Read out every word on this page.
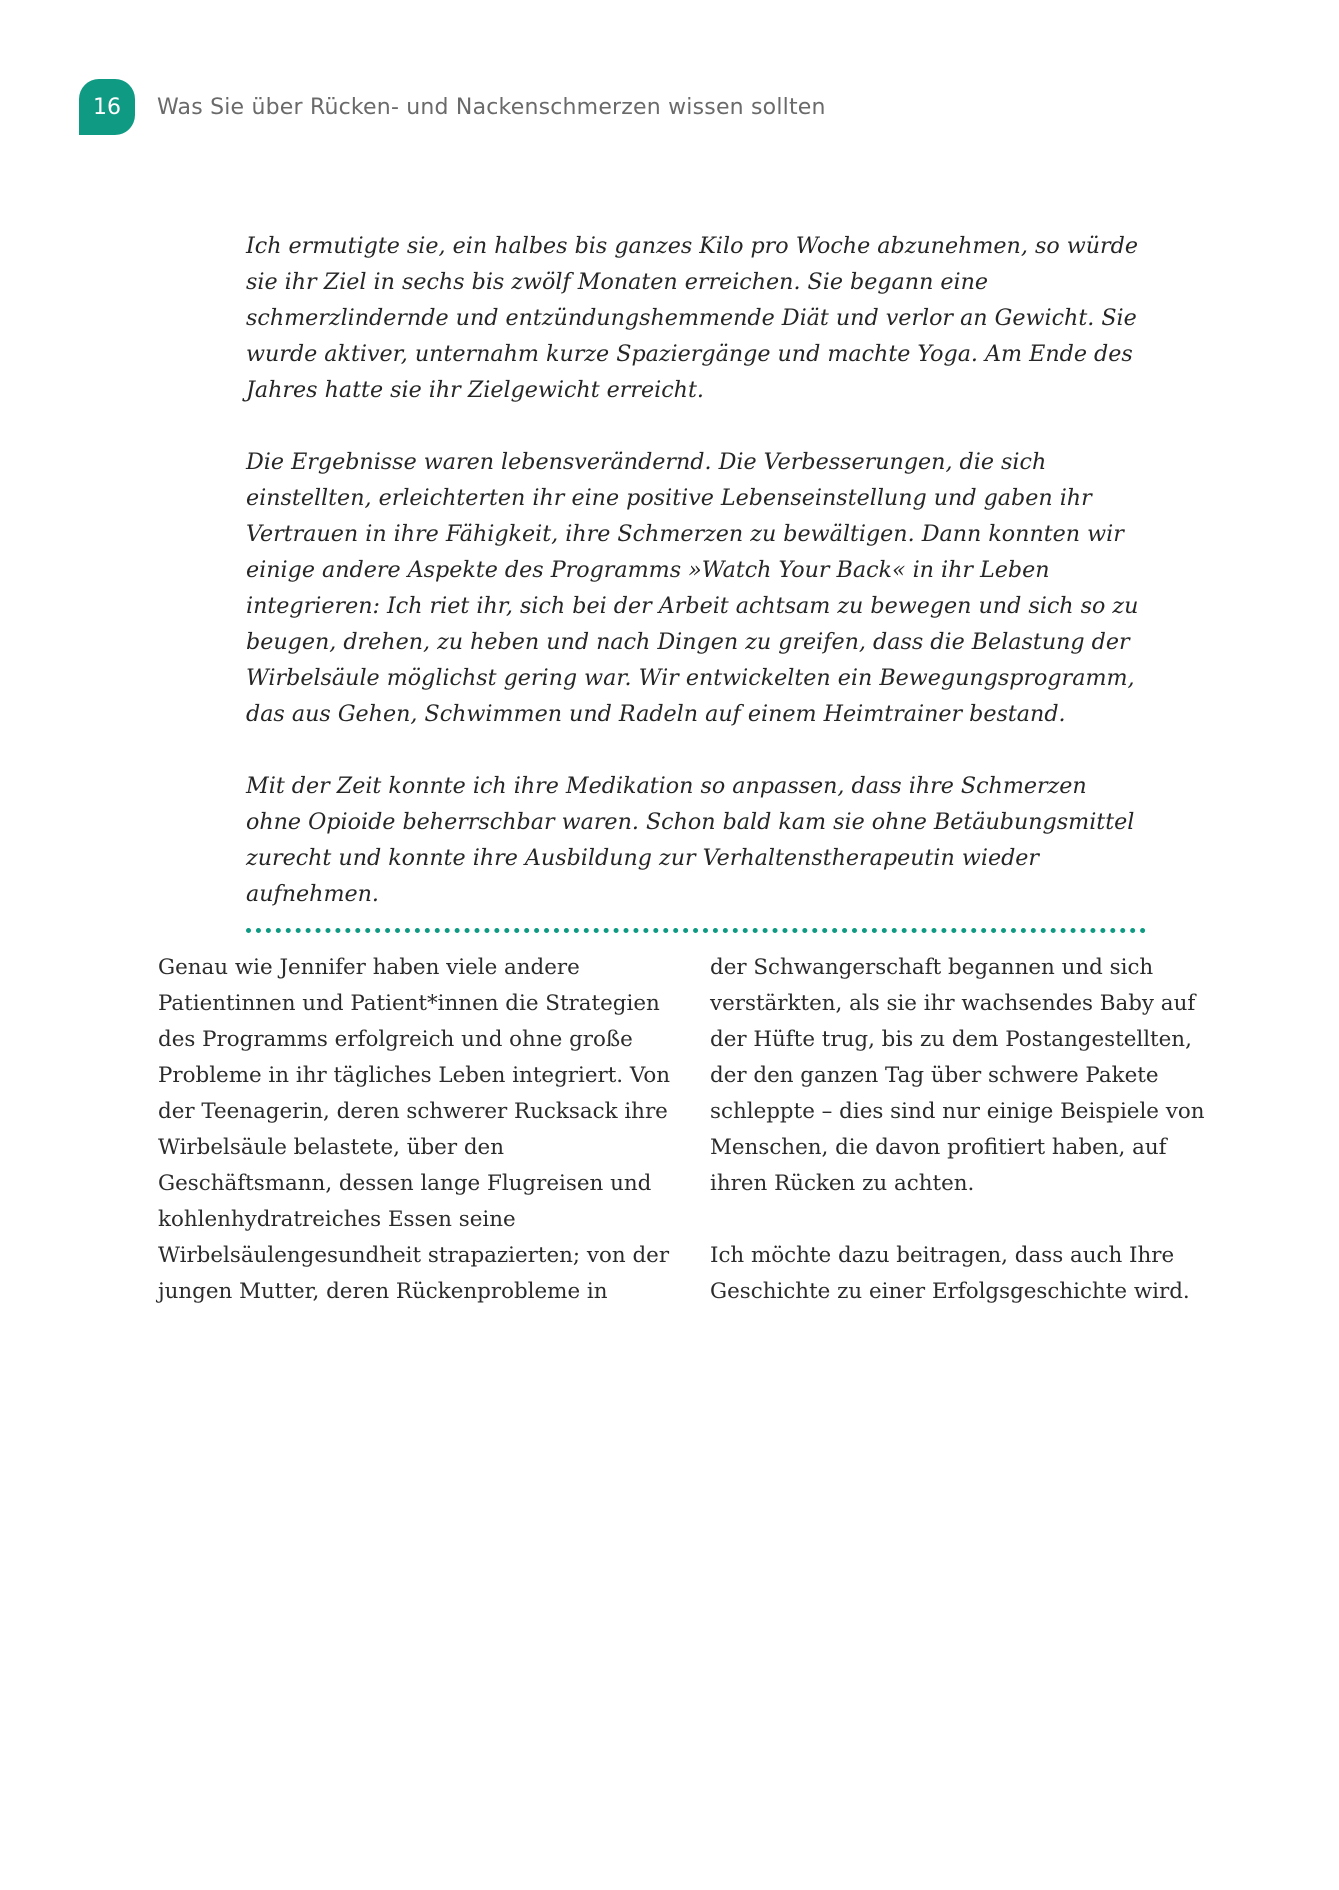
16	Was Sie über Rücken- und Nackenschmerzen wissen sollten

Ich ermutigte sie, ein halbes bis ganzes Kilo pro Woche abzunehmen, so würde sie ihr Ziel in sechs bis zwölf Monaten erreichen. Sie begann eine schmerzlindernde und entzündungshemmende Diät und verlor an Gewicht. Sie wurde aktiver, unternahm kurze Spaziergänge und machte Yoga. Am Ende des Jahres hatte sie ihr Zielgewicht erreicht.

Die Ergebnisse waren lebensverändernd. Die Verbesserungen, die sich einstellten, erleichterten ihr eine positive Lebenseinstellung und gaben ihr Vertrauen in ihre Fähigkeit, ihre Schmerzen zu bewältigen. Dann konnten wir einige andere Aspekte des Programms »Watch Your Back« in ihr Leben integrieren: Ich riet ihr, sich bei der Arbeit achtsam zu bewegen und sich so zu beugen, drehen, zu heben und nach Dingen zu greifen, dass die Belastung der Wirbelsäule möglichst gering war. Wir entwickelten ein Bewegungsprogramm, das aus Gehen, Schwimmen und Radeln auf einem Heimtrainer bestand.

Mit der Zeit konnte ich ihre Medikation so anpassen, dass ihre Schmerzen ohne Opioide beherrschbar waren. Schon bald kam sie ohne Betäubungsmittel zurecht und konnte ihre Ausbildung zur Verhaltenstherapeutin wieder aufnehmen.

Genau wie Jennifer haben viele andere Patientinnen und Patient*innen die Strategien des Programms erfolgreich und ohne große Probleme in ihr tägliches Leben integriert. Von der Teenagerin, deren schwerer Rucksack ihre Wirbelsäule belastete, über den Geschäftsmann, dessen lange Flugreisen und kohlenhydratreiches Essen seine Wirbelsäulengesundheit strapazierten; von der jungen Mutter, deren Rückenprobleme in

der Schwangerschaft begannen und sich verstärkten, als sie ihr wachsendes Baby auf der Hüfte trug, bis zu dem Postangestellten, der den ganzen Tag über schwere Pakete schleppte – dies sind nur einige Beispiele von Menschen, die davon profitiert haben, auf ihren Rücken zu achten.

Ich möchte dazu beitragen, dass auch Ihre Geschichte zu einer Erfolgsgeschichte wird.
